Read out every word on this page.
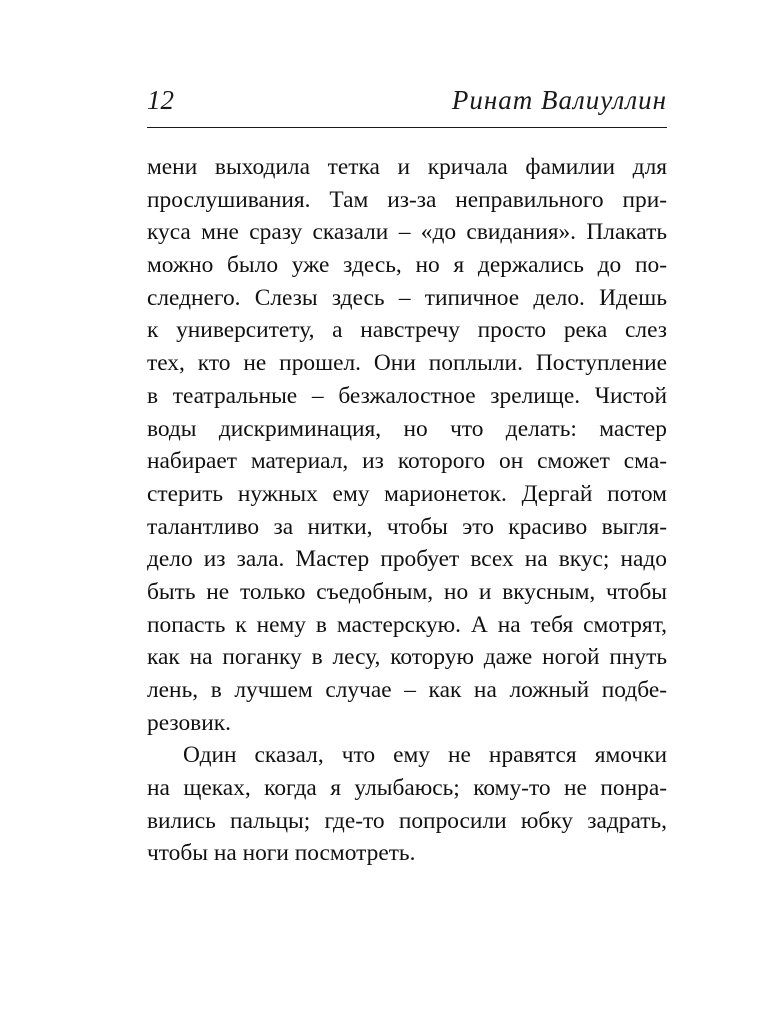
12	Ринат Валиуллин
мени выходила тетка и кричала фамилии для
прослушивания. Там из-за неправильного при-
куса мне сразу сказали – «до свидания». Плакать
можно было уже здесь, но я держались до по-
следнего. Слезы здесь – типичное дело. Идешь
к университету, а навстречу просто река слез
тех, кто не прошел. Они поплыли. Поступление
в театральные – безжалостное зрелище. Чистой
воды дискриминация, но что делать: мастер
набирает материал, из которого он сможет сма-
стерить нужных ему марионеток. Дергай потом
талантливо за нитки, чтобы это красиво выгля-
дело из зала. Мастер пробует всех на вкус; надо
быть не только съедобным, но и вкусным, чтобы
попасть к нему в мастерскую. А на тебя смотрят,
как на поганку в лесу, которую даже ногой пнуть
лень, в лучшем случае – как на ложный подбе-
резовик.
Один сказал, что ему не нравятся ямочки
на щеках, когда я улыбаюсь; кому-то не понра-
вились пальцы; где-то попросили юбку задрать,
чтобы на ноги посмотреть.
